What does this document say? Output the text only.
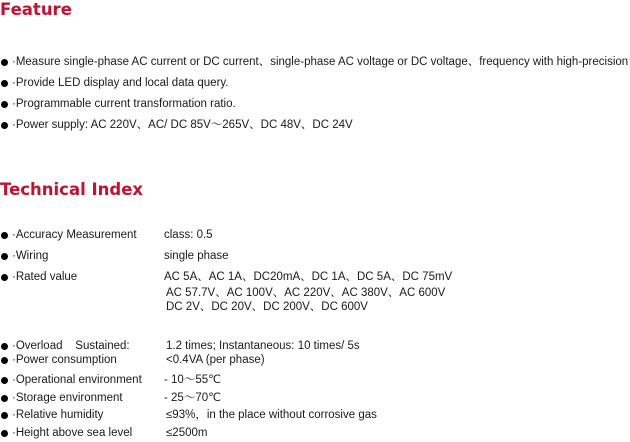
Feature
·Measure single-phase AC current or DC current、single-phase AC voltage or DC voltage、frequency with high-precision
·Provide LED display and local data query.
·Programmable current transformation ratio.
·Power supply: AC 220V、AC/ DC 85V～265V、DC 48V、DC 24V
Technical Index
·Accuracy Measurement class: 0.5
·Wiring	single phase
·Rated value	AC 5A、AC 1A、DC20mA、DC 1A、DC 5A、DC 75mV
AC 57.7V、AC 100V、AC 220V、AC 380V、AC 600V
DC 2V、DC 20V、DC 200V、DC 600V
·Overload    Sustained:	1.2 times; Instantaneous: 10 times/ 5s
·Power consumption	<0.4VA (per phase)
·Operational environment - 10～55℃
·Storage environment	- 25～70℃
·Relative humidity	≤93%，in the place without corrosive gas
·Height above sea level	≤2500m
